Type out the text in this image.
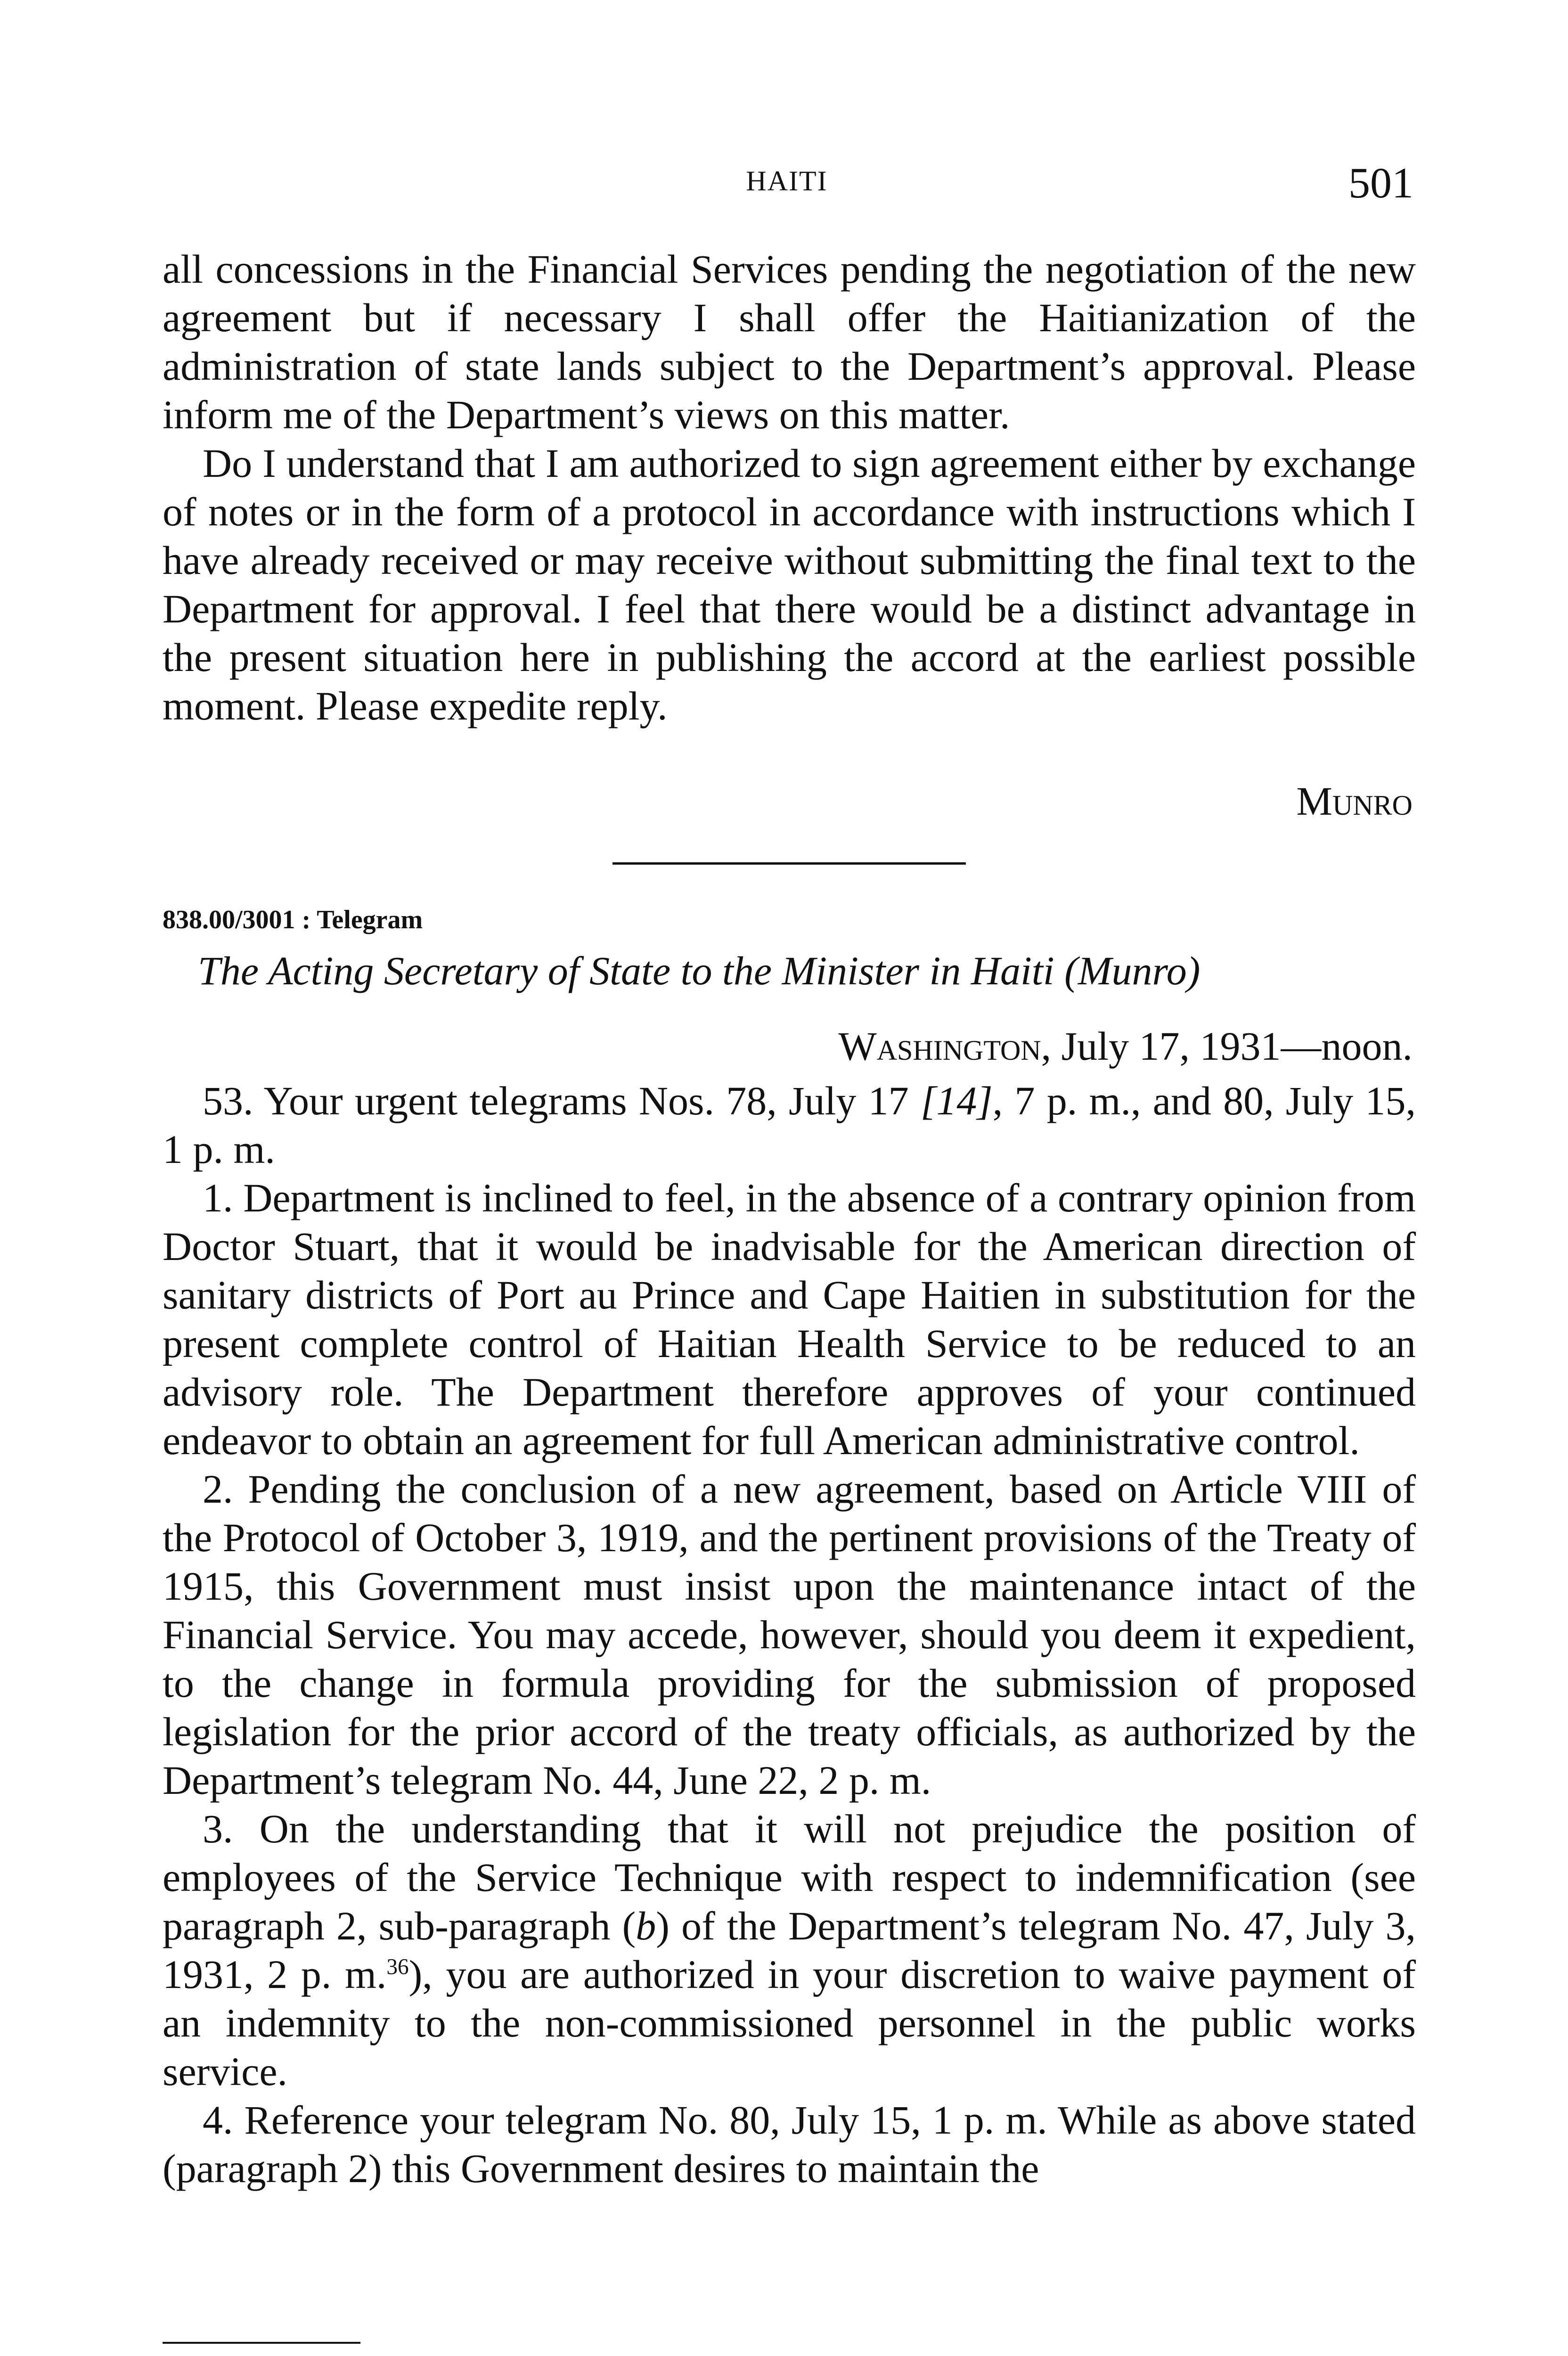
HAITI	501

all concessions in the Financial Services pending the negotiation of the new agreement but if necessary I shall offer the Haitianization of the administration of state lands subject to the Department’s approval. Please inform me of the Department’s views on this matter.

Do I understand that I am authorized to sign agreement either by exchange of notes or in the form of a protocol in accordance with instructions which I have already received or may receive without submitting the final text to the Department for approval. I feel that there would be a distinct advantage in the present situation here in publishing the accord at the earliest possible moment. Please expedite reply.

Munro
838.00/3001 : Telegram
The Acting Secretary of State to the Minister in Haiti (Munro)
Washington, July 17, 1931—noon.

53. Your urgent telegrams Nos. 78, July 17 [14], 7 p. m., and 80, July 15, 1 p. m.

1. Department is inclined to feel, in the absence of a contrary opinion from Doctor Stuart, that it would be inadvisable for the American direction of sanitary districts of Port au Prince and Cape Haitien in substitution for the present complete control of Haitian Health Service to be reduced to an advisory role. The Department therefore approves of your continued endeavor to obtain an agreement for full American administrative control.

2. Pending the conclusion of a new agreement, based on Article VIII of the Protocol of October 3, 1919, and the pertinent provisions of the Treaty of 1915, this Government must insist upon the maintenance intact of the Financial Service. You may accede, however, should you deem it expedient, to the change in formula providing for the submission of proposed legislation for the prior accord of the treaty officials, as authorized by the Department’s telegram No. 44, June 22, 2 p. m.

3. On the understanding that it will not prejudice the position of employees of the Service Technique with respect to indemnification (see paragraph 2, sub-paragraph (b) of the Department’s telegram No. 47, July 3, 1931, 2 p. m.$^{36}$), you are authorized in your discretion to waive payment of an indemnity to the non-commissioned personnel in the public works service.

4. Reference your telegram No. 80, July 15, 1 p. m. While as above stated (paragraph 2) this Government desires to maintain the
